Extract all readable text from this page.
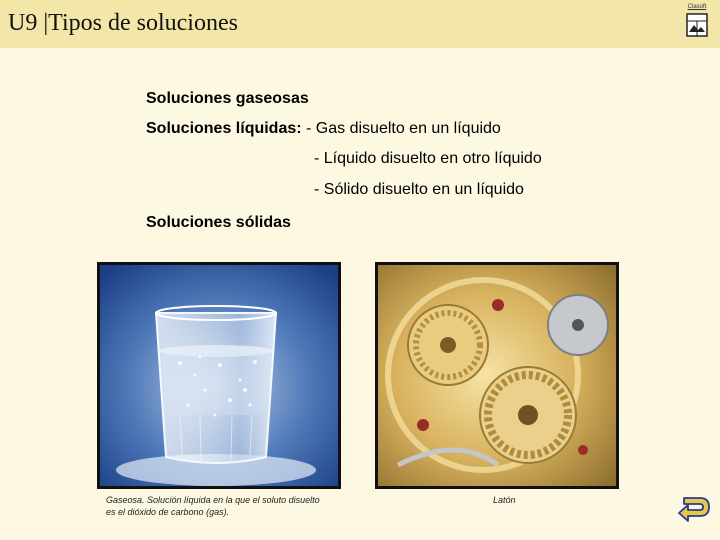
U9 |Tipos de soluciones
Clasoft
Soluciones gaseosas
Soluciones líquidas: - Gas disuelto en un líquido
- Líquido disuelto en otro líquido
- Sólido disuelto en un líquido
Soluciones sólidas
Gaseosa. Solución líquida en la que el soluto disuelto es el dióxido de carbono (gas).
Latón
